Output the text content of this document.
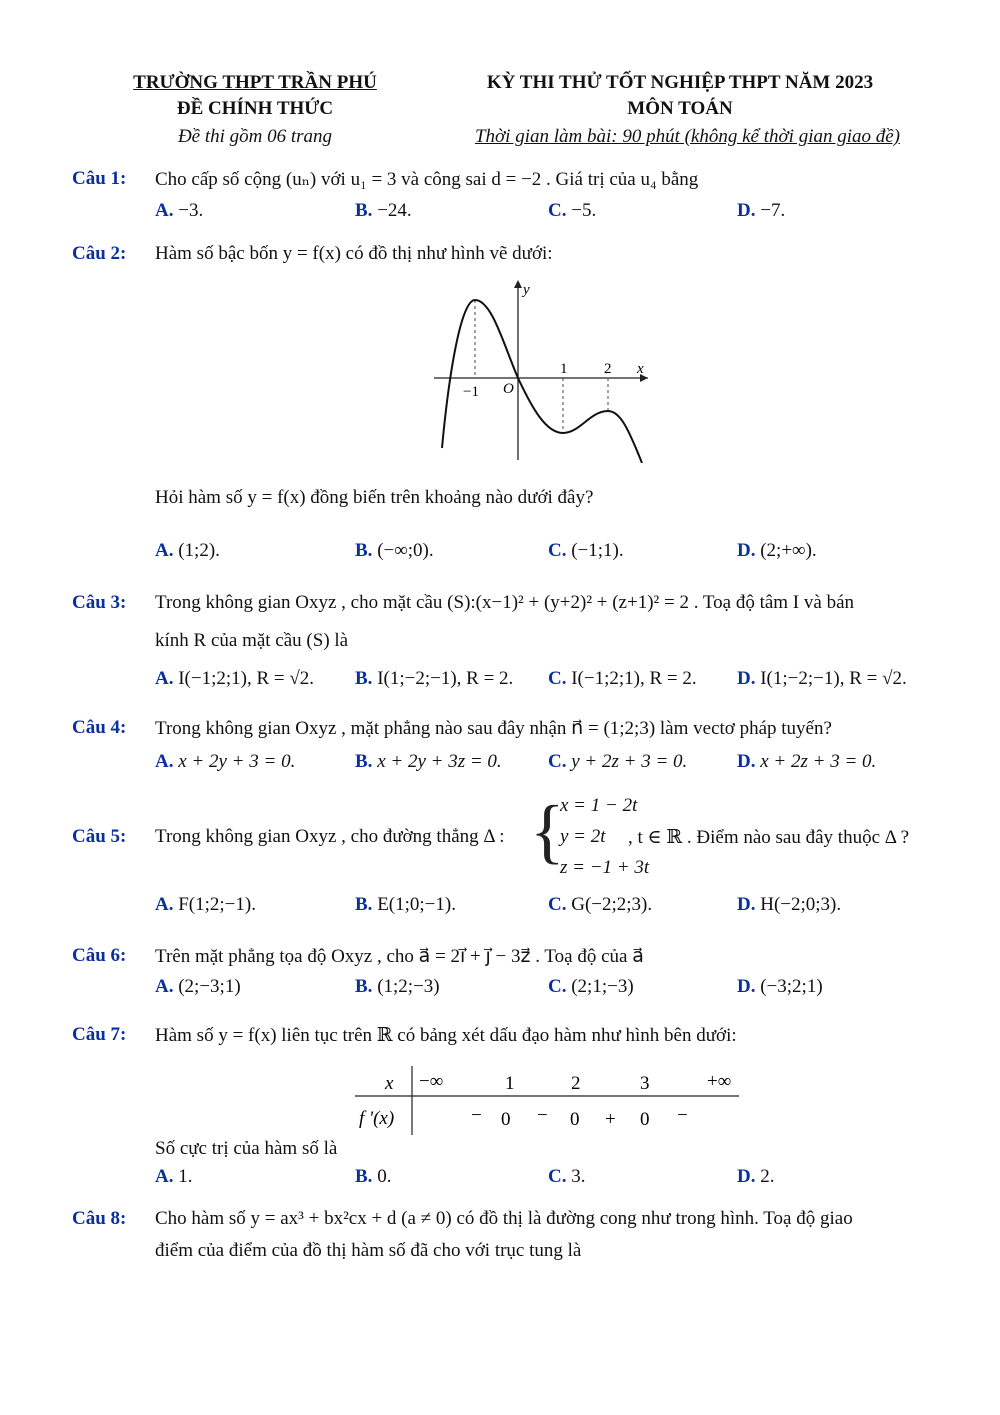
TRƯỜNG THPT TRẦN PHÚ
ĐỀ CHÍNH THỨC
Đề thi gồm 06 trang
KỲ THI THỬ TỐT NGHIỆP THPT NĂM 2023
MÔN TOÁN
Thời gian làm bài: 90 phút (không kể thời gian giao đề)
Câu 1: Cho cấp số cộng (uₙ) với u₁ = 3 và công sai d = −2 . Giá trị của u₄ bằng
A. −3.	B. −24.	C. −5.	D. −7.
Câu 2: Hàm số bậc bốn y = f(x) có đồ thị như hình vẽ dưới:
y
x
−1 O
1 2
Hỏi hàm số y = f(x) đồng biến trên khoảng nào dưới đây?
A. (1;2).	B. (−∞;0).	C. (−1;1).	D. (2;+∞).
Câu 3: Trong không gian Oxyz , cho mặt cầu (S):(x−1)² + (y+2)² + (z+1)² = 2 . Toạ độ tâm I và bán
kính R của mặt cầu (S) là
A. I(−1;2;1), R = √2. B. I(1;−2;−1), R = 2. C. I(−1;2;1), R = 2. D. I(1;−2;−1), R = √2.
Câu 4: Trong không gian Oxyz , mặt phẳng nào sau đây nhận n⃗ = (1;2;3) làm vectơ pháp tuyến?
A. x + 2y + 3 = 0.	B. x + 2y + 3z = 0. C. y + 2z + 3 = 0.	D. x + 2z + 3 = 0.
Câu 5: Trong không gian Oxyz , cho đường thẳng Δ : {
x = 1 − 2t
y = 2t
z = −1 + 3t
, t ∈ ℝ . Điểm nào sau đây thuộc Δ ?
A. F(1;2;−1).	B. E(1;0;−1).	C. G(−2;2;3).	D. H(−2;0;3).
Câu 6: Trên mặt phẳng tọa độ Oxyz , cho a⃗ = 2i⃗ + j⃗ − 3z⃗ . Toạ độ của a⃗
A. (2;−3;1)	B. (1;2;−3)	C. (2;1;−3)	D. (−3;2;1)
Câu 7: Hàm số y = f(x) liên tục trên ℝ có bảng xét dấu đạo hàm như hình bên dưới:
x −∞	1	2	3	+∞
f '(x)	− 0 − 0 + 0 −
Số cực trị của hàm số là
A. 1.	B. 0.	C. 3.	D. 2.
Câu 8: Cho hàm số y = ax³ + bx²cx + d (a ≠ 0) có đồ thị là đường cong như trong hình. Toạ độ giao
điểm của điểm của đồ thị hàm số đã cho với trục tung là
